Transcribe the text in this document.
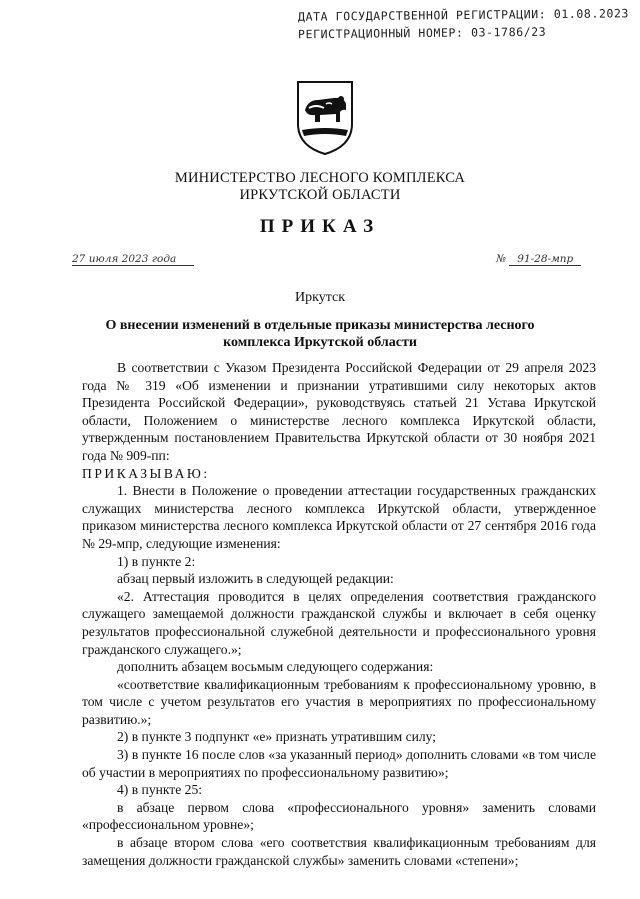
ДАТА ГОСУДАРСТВЕННОЙ РЕГИСТРАЦИИ: 01.08.2023
РЕГИСТРАЦИОННЫЙ НОМЕР: 03-1786/23
МИНИСТЕРСТВО ЛЕСНОГО КОМПЛЕКСА
ИРКУТСКОЙ ОБЛАСТИ
ПРИКАЗ
27 июля 2023 года	№ 91-28-мпр
Иркутск
О внесении изменений в отдельные приказы министерства лесного
комплекса Иркутской области

В соответствии с Указом Президента Российской Федерации от 29 апреля 2023 года № 319 «Об изменении и признании утратившими силу некоторых актов Президента Российской Федерации», руководствуясь статьей 21 Устава Иркутской области, Положением о министерстве лесного комплекса Иркутской области, утвержденным постановлением Правительства Иркутской области от 30 ноября 2021 года № 909-пп:

ПРИКАЗЫВАЮ:

1. Внести в Положение о проведении аттестации государственных гражданских служащих министерства лесного комплекса Иркутской области, утвержденное приказом министерства лесного комплекса Иркутской области от 27 сентября 2016 года № 29-мпр, следующие изменения:

1) в пункте 2:

абзац первый изложить в следующей редакции:

«2. Аттестация проводится в целях определения соответствия гражданского служащего замещаемой должности гражданской службы и включает в себя оценку результатов профессиональной служебной деятельности и профессионального уровня гражданского служащего.»;

дополнить абзацем восьмым следующего содержания:

«соответствие квалификационным требованиям к профессиональному уровню, в том числе с учетом результатов его участия в мероприятиях по профессиональному развитию.»;

2) в пункте 3 подпункт «е» признать утратившим силу;

3) в пункте 16 после слов «за указанный период» дополнить словами «в том числе об участии в мероприятиях по профессиональному развитию»;

4) в пункте 25:

в абзаце первом слова «профессионального уровня» заменить словами «профессиональном уровне»;

в абзаце втором слова «его соответствия квалификационным требованиям для замещения должности гражданской службы» заменить словами «степени»;
